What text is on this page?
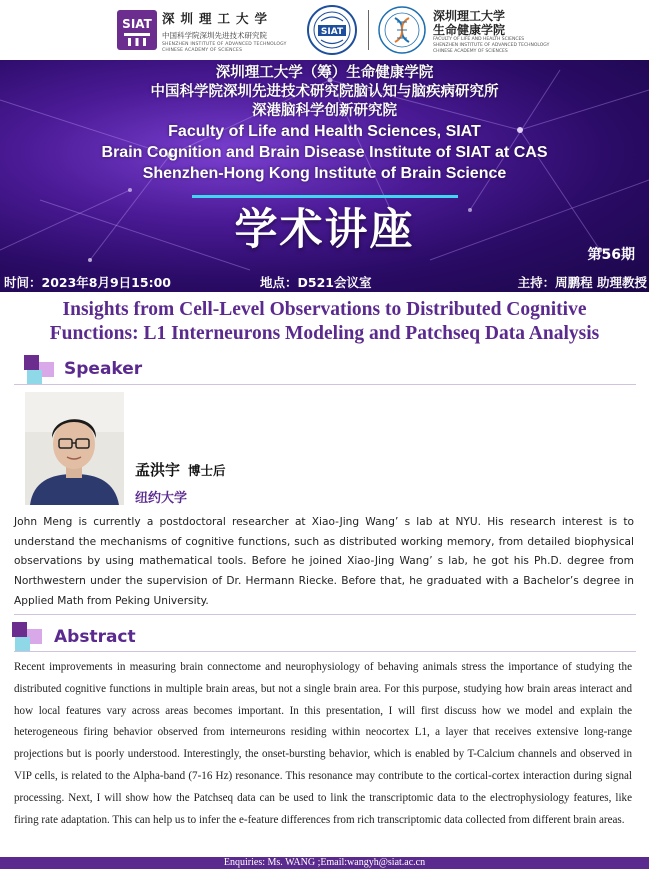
SIAT 深圳理工大学
中国科学院深圳先进技术研究院
SHENZHEN INSTITUTE OF ADVANCED TECHNOLOGY
CHINESE ACADEMY OF SCIENCES
SIAT
深圳理工大学
生命健康学院
FACULTY OF LIFE AND HEALTH SCIENCES
SHENZHEN INSTITUTE OF ADVANCED TECHNOLOGY
CHINESE ACADEMY OF SCIENCES
深圳理工大学（筹）生命健康学院
中国科学院深圳先进技术研究院脑认知与脑疾病研究所
深港脑科学创新研究院
Faculty of Life and Health Sciences, SIAT
Brain Cognition and Brain Disease Institute of SIAT at CAS
Shenzhen-Hong Kong Institute of Brain Science
学术讲座	第56期
时间：2023年8月9日15:00	地点：D521会议室	主持：周鹏程 助理教授
Insights from Cell-Level Observations to Distributed Cognitive
Functions: L1 Interneurons Modeling and Patchseq Data Analysis
Speaker
孟洪宇 博士后
纽约大学
John Meng is currently a postdoctoral researcher at Xiao-Jing Wang’ s lab at NYU. His research interest is to understand the mechanisms of cognitive functions, such as distributed working memory, from detailed biophysical observations by using mathematical tools. Before he joined Xiao-Jing Wang’ s lab, he got his Ph.D. degree from Northwestern under the supervision of Dr. Hermann Riecke. Before that, he graduated with a Bachelor’s degree in Applied Math from Peking University.
Abstract
Recent improvements in measuring brain connectome and neurophysiology of behaving animals stress the importance of studying the distributed cognitive functions in multiple brain areas, but not a single brain area. For this purpose, studying how brain areas interact and how local features vary across areas becomes important. In this presentation, I will first discuss how we model and explain the heterogeneous firing behavior observed from interneurons residing within neocortex L1, a layer that receives extensive long-range projections but is poorly understood. Interestingly, the onset-bursting behavior, which is enabled by T-Calcium channels and observed in VIP cells, is related to the Alpha-band (7-16 Hz) resonance. This resonance may contribute to the cortical-cortex interaction during signal processing. Next, I will show how the Patchseq data can be used to link the transcriptomic data to the electrophysiology features, like firing rate adaptation. This can help us to infer the e-feature differences from rich transcriptomic data collected from different brain areas.
Enquiries: Ms. WANG ;Email:wangyh@siat.ac.cn
